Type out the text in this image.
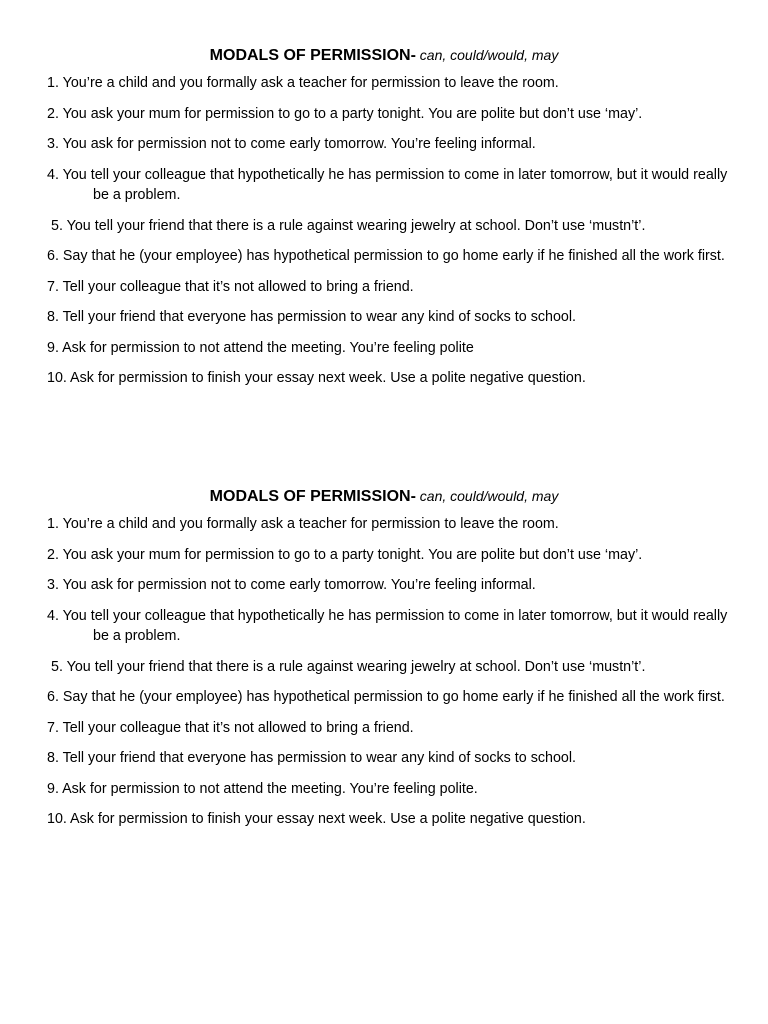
MODALS OF PERMISSION- can, could/would, may
1. You’re a child and you formally ask a teacher for permission to leave the room.
2. You ask your mum for permission to go to a party tonight. You are polite but don’t use ‘may’.
3. You ask for permission not to come early tomorrow. You’re feeling informal.
4. You tell your colleague that hypothetically he has permission to come in later tomorrow, but it would really be a problem.
5. You tell your friend that there is a rule against wearing jewelry at school. Don’t use ‘mustn’t’.
6. Say that he (your employee) has hypothetical permission to go home early if he finished all the work first.
7. Tell your colleague that it’s not allowed to bring a friend.
8. Tell your friend that everyone has permission to wear any kind of socks to school.
9. Ask for permission to not attend the meeting. You’re feeling polite
10. Ask for permission to finish your essay next week. Use a polite negative question.
MODALS OF PERMISSION- can, could/would, may
1. You’re a child and you formally ask a teacher for permission to leave the room.
2. You ask your mum for permission to go to a party tonight. You are polite but don’t use ‘may’.
3. You ask for permission not to come early tomorrow. You’re feeling informal.
4. You tell your colleague that hypothetically he has permission to come in later tomorrow, but it would really be a problem.
5. You tell your friend that there is a rule against wearing jewelry at school. Don’t use ‘mustn’t’.
6. Say that he (your employee) has hypothetical permission to go home early if he finished all the work first.
7. Tell your colleague that it’s not allowed to bring a friend.
8. Tell your friend that everyone has permission to wear any kind of socks to school.
9. Ask for permission to not attend the meeting. You’re feeling polite.
10. Ask for permission to finish your essay next week. Use a polite negative question.
